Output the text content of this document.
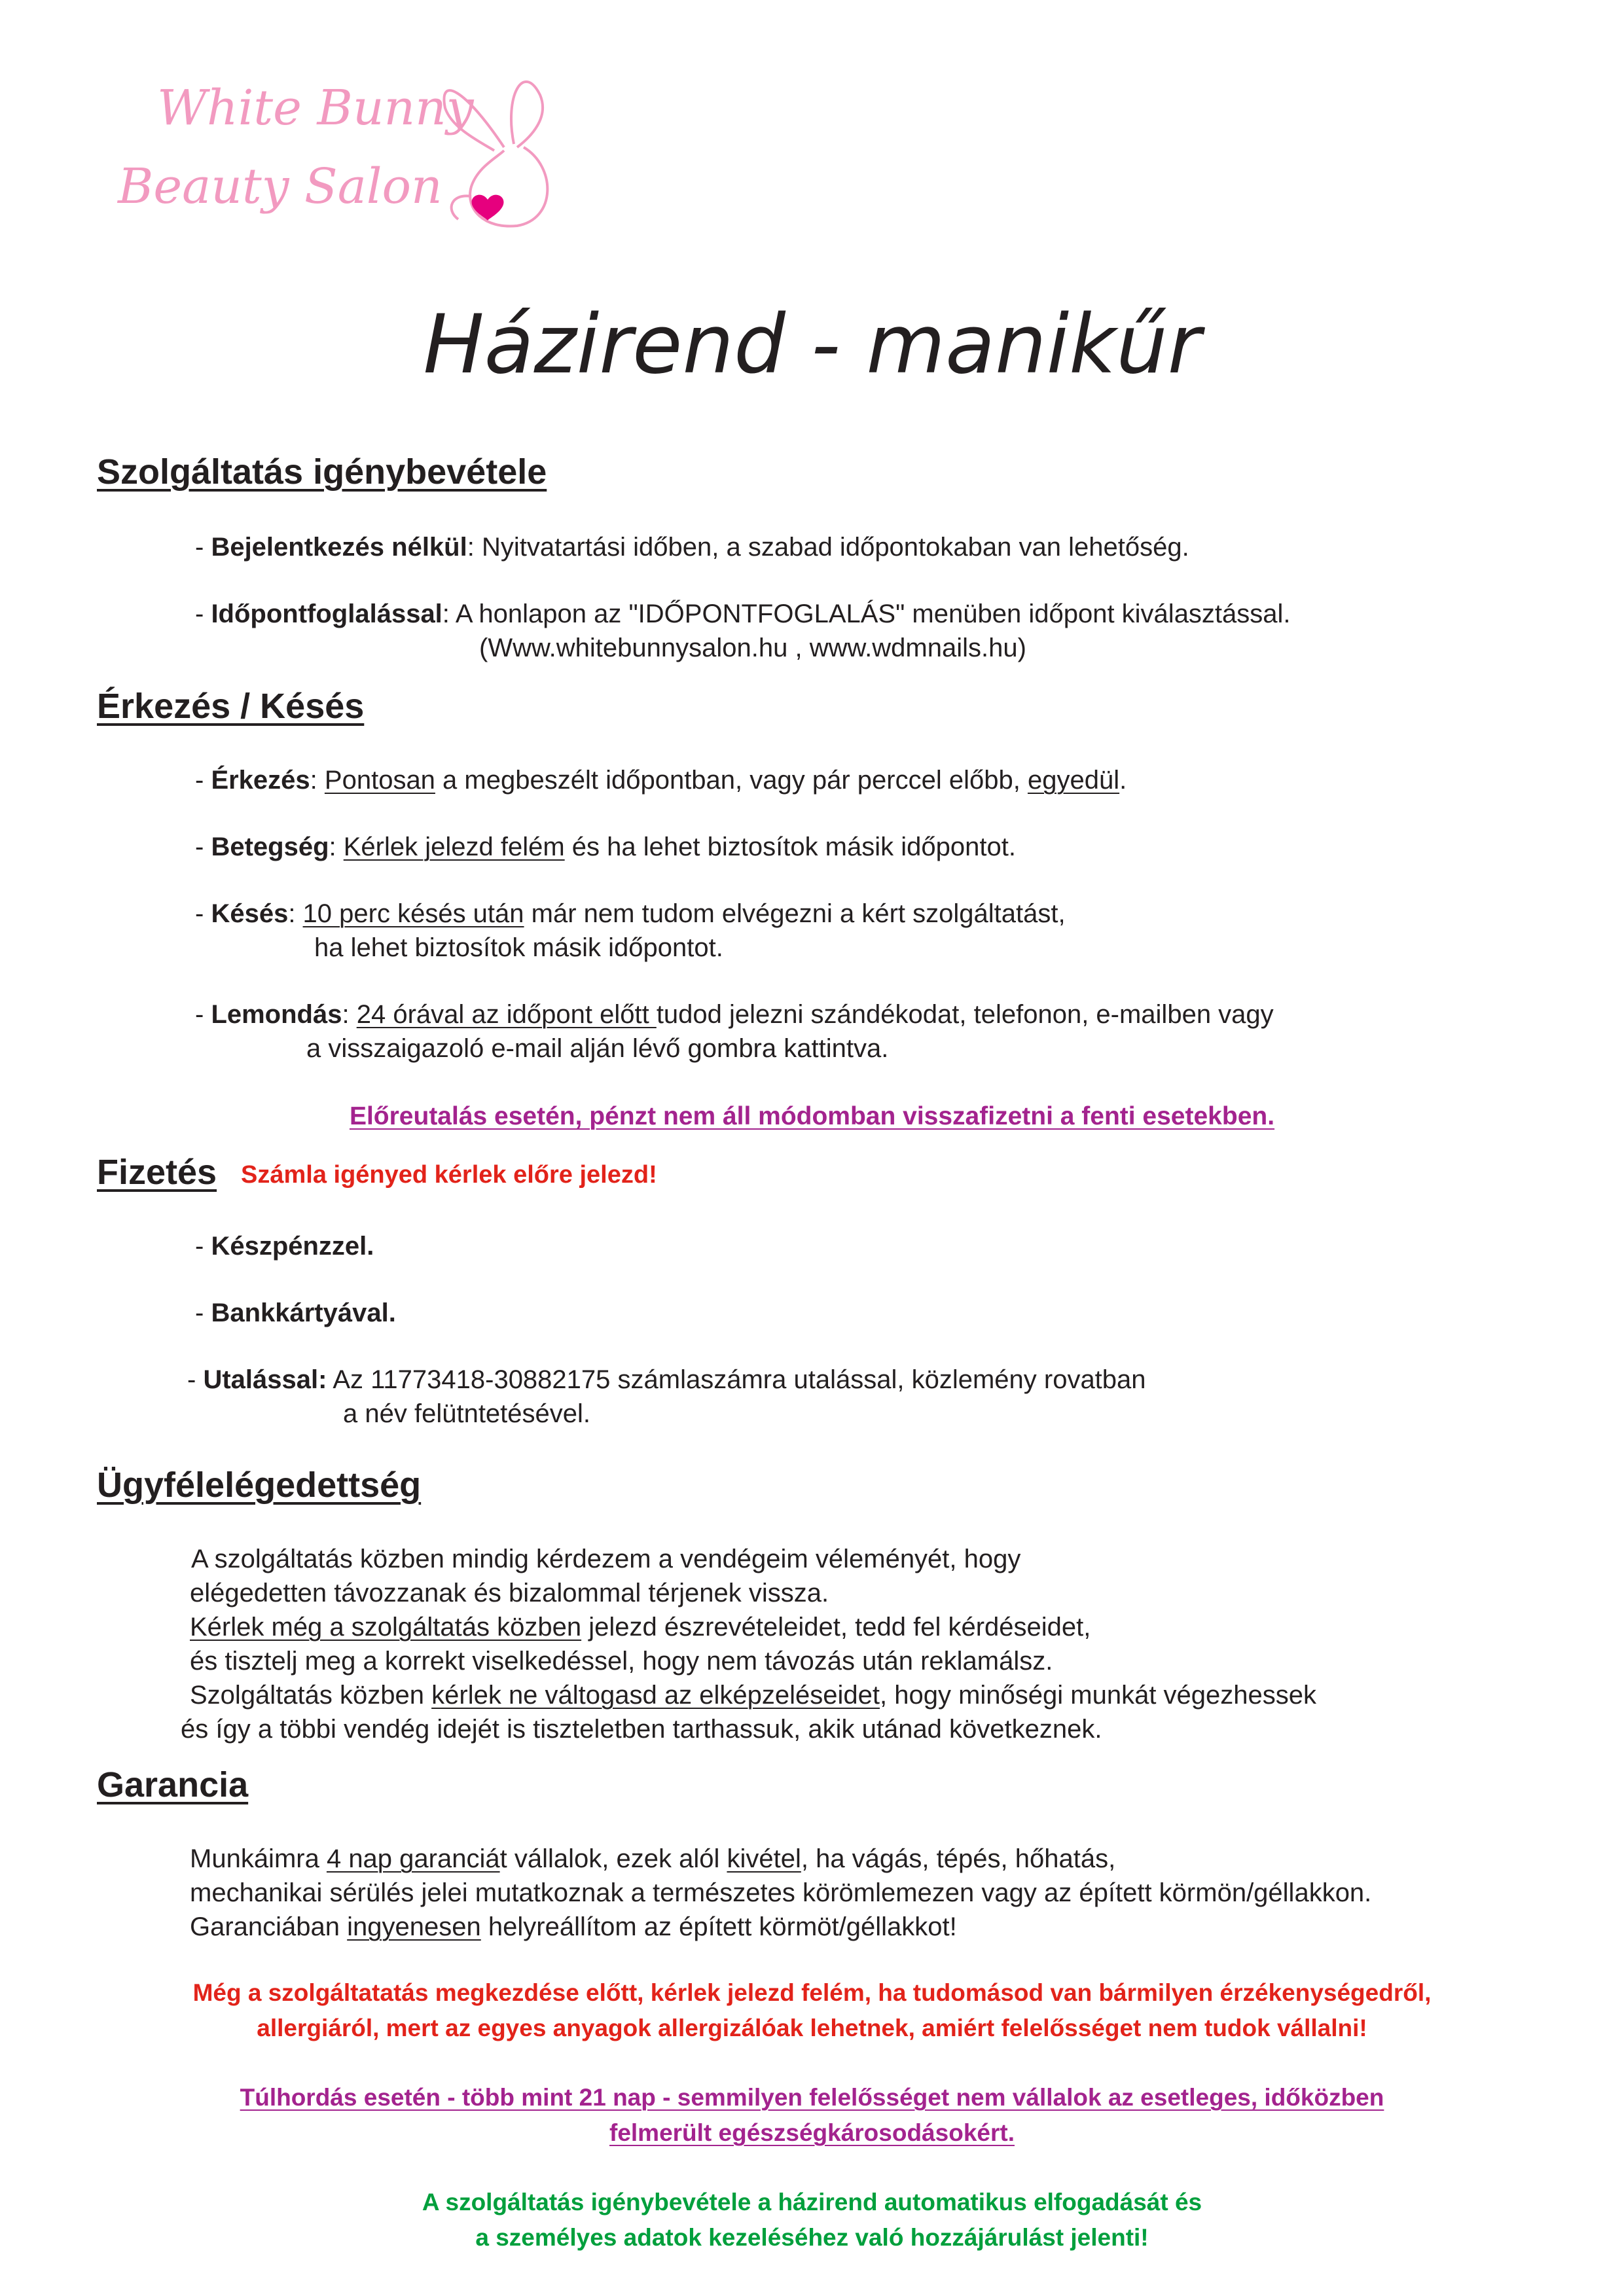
White Bunny
Beauty Salon
Házirend - manikűr
Szolgáltatás igénybevétele
- Bejelentkezés nélkül: Nyitvatartási időben, a szabad időpontokaban van lehetőség.
- Időpontfoglalással: A honlapon az "IDŐPONTFOGLALÁS" menüben időpont kiválasztással.
(Www.whitebunnysalon.hu , www.wdmnails.hu)
Érkezés / Késés
- Érkezés: Pontosan a megbeszélt időpontban, vagy pár perccel előbb, egyedül.
- Betegség: Kérlek jelezd felém és ha lehet biztosítok másik időpontot.
- Késés: 10 perc késés után már nem tudom elvégezni a kért szolgáltatást,
ha lehet biztosítok másik időpontot.
- Lemondás: 24 órával az időpont előtt tudod jelezni szándékodat, telefonon, e-mailben vagy
a visszaigazoló e-mail alján lévő gombra kattintva.
Előreutalás esetén, pénzt nem áll módomban visszafizetni a fenti esetekben.
Fizetés Számla igényed kérlek előre jelezd!
- Készpénzzel.
- Bankkártyával.
- Utalással: Az 11773418-30882175 számlaszámra utalással, közlemény rovatban
a név felütntetésével.
Ügyfélelégedettség
A szolgáltatás közben mindig kérdezem a vendégeim véleményét, hogy
elégedetten távozzanak és bizalommal térjenek vissza.
Kérlek még a szolgáltatás közben jelezd észrevételeidet, tedd fel kérdéseidet,
és tisztelj meg a korrekt viselkedéssel, hogy nem távozás után reklamálsz.
Szolgáltatás közben kérlek ne váltogasd az elképzeléseidet, hogy minőségi munkát végezhessek
és így a többi vendég idejét is tiszteletben tarthassuk, akik utánad következnek.
Garancia
Munkáimra 4 nap garanciát vállalok, ezek alól kivétel, ha vágás, tépés, hőhatás,
mechanikai sérülés jelei mutatkoznak a természetes körömlemezen vagy az épített körmön/géllakkon.
Garanciában ingyenesen helyreállítom az épített körmöt/géllakkot!
Még a szolgáltatatás megkezdése előtt, kérlek jelezd felém, ha tudomásod van bármilyen érzékenységedről,
allergiáról, mert az egyes anyagok allergizálóak lehetnek, amiért felelősséget nem tudok vállalni!
Túlhordás esetén - több mint 21 nap - semmilyen felelősséget nem vállalok az esetleges, időközben
felmerült egészségkárosodásokért.
A szolgáltatás igénybevétele a házirend automatikus elfogadását és
a személyes adatok kezeléséhez való hozzájárulást jelenti!
